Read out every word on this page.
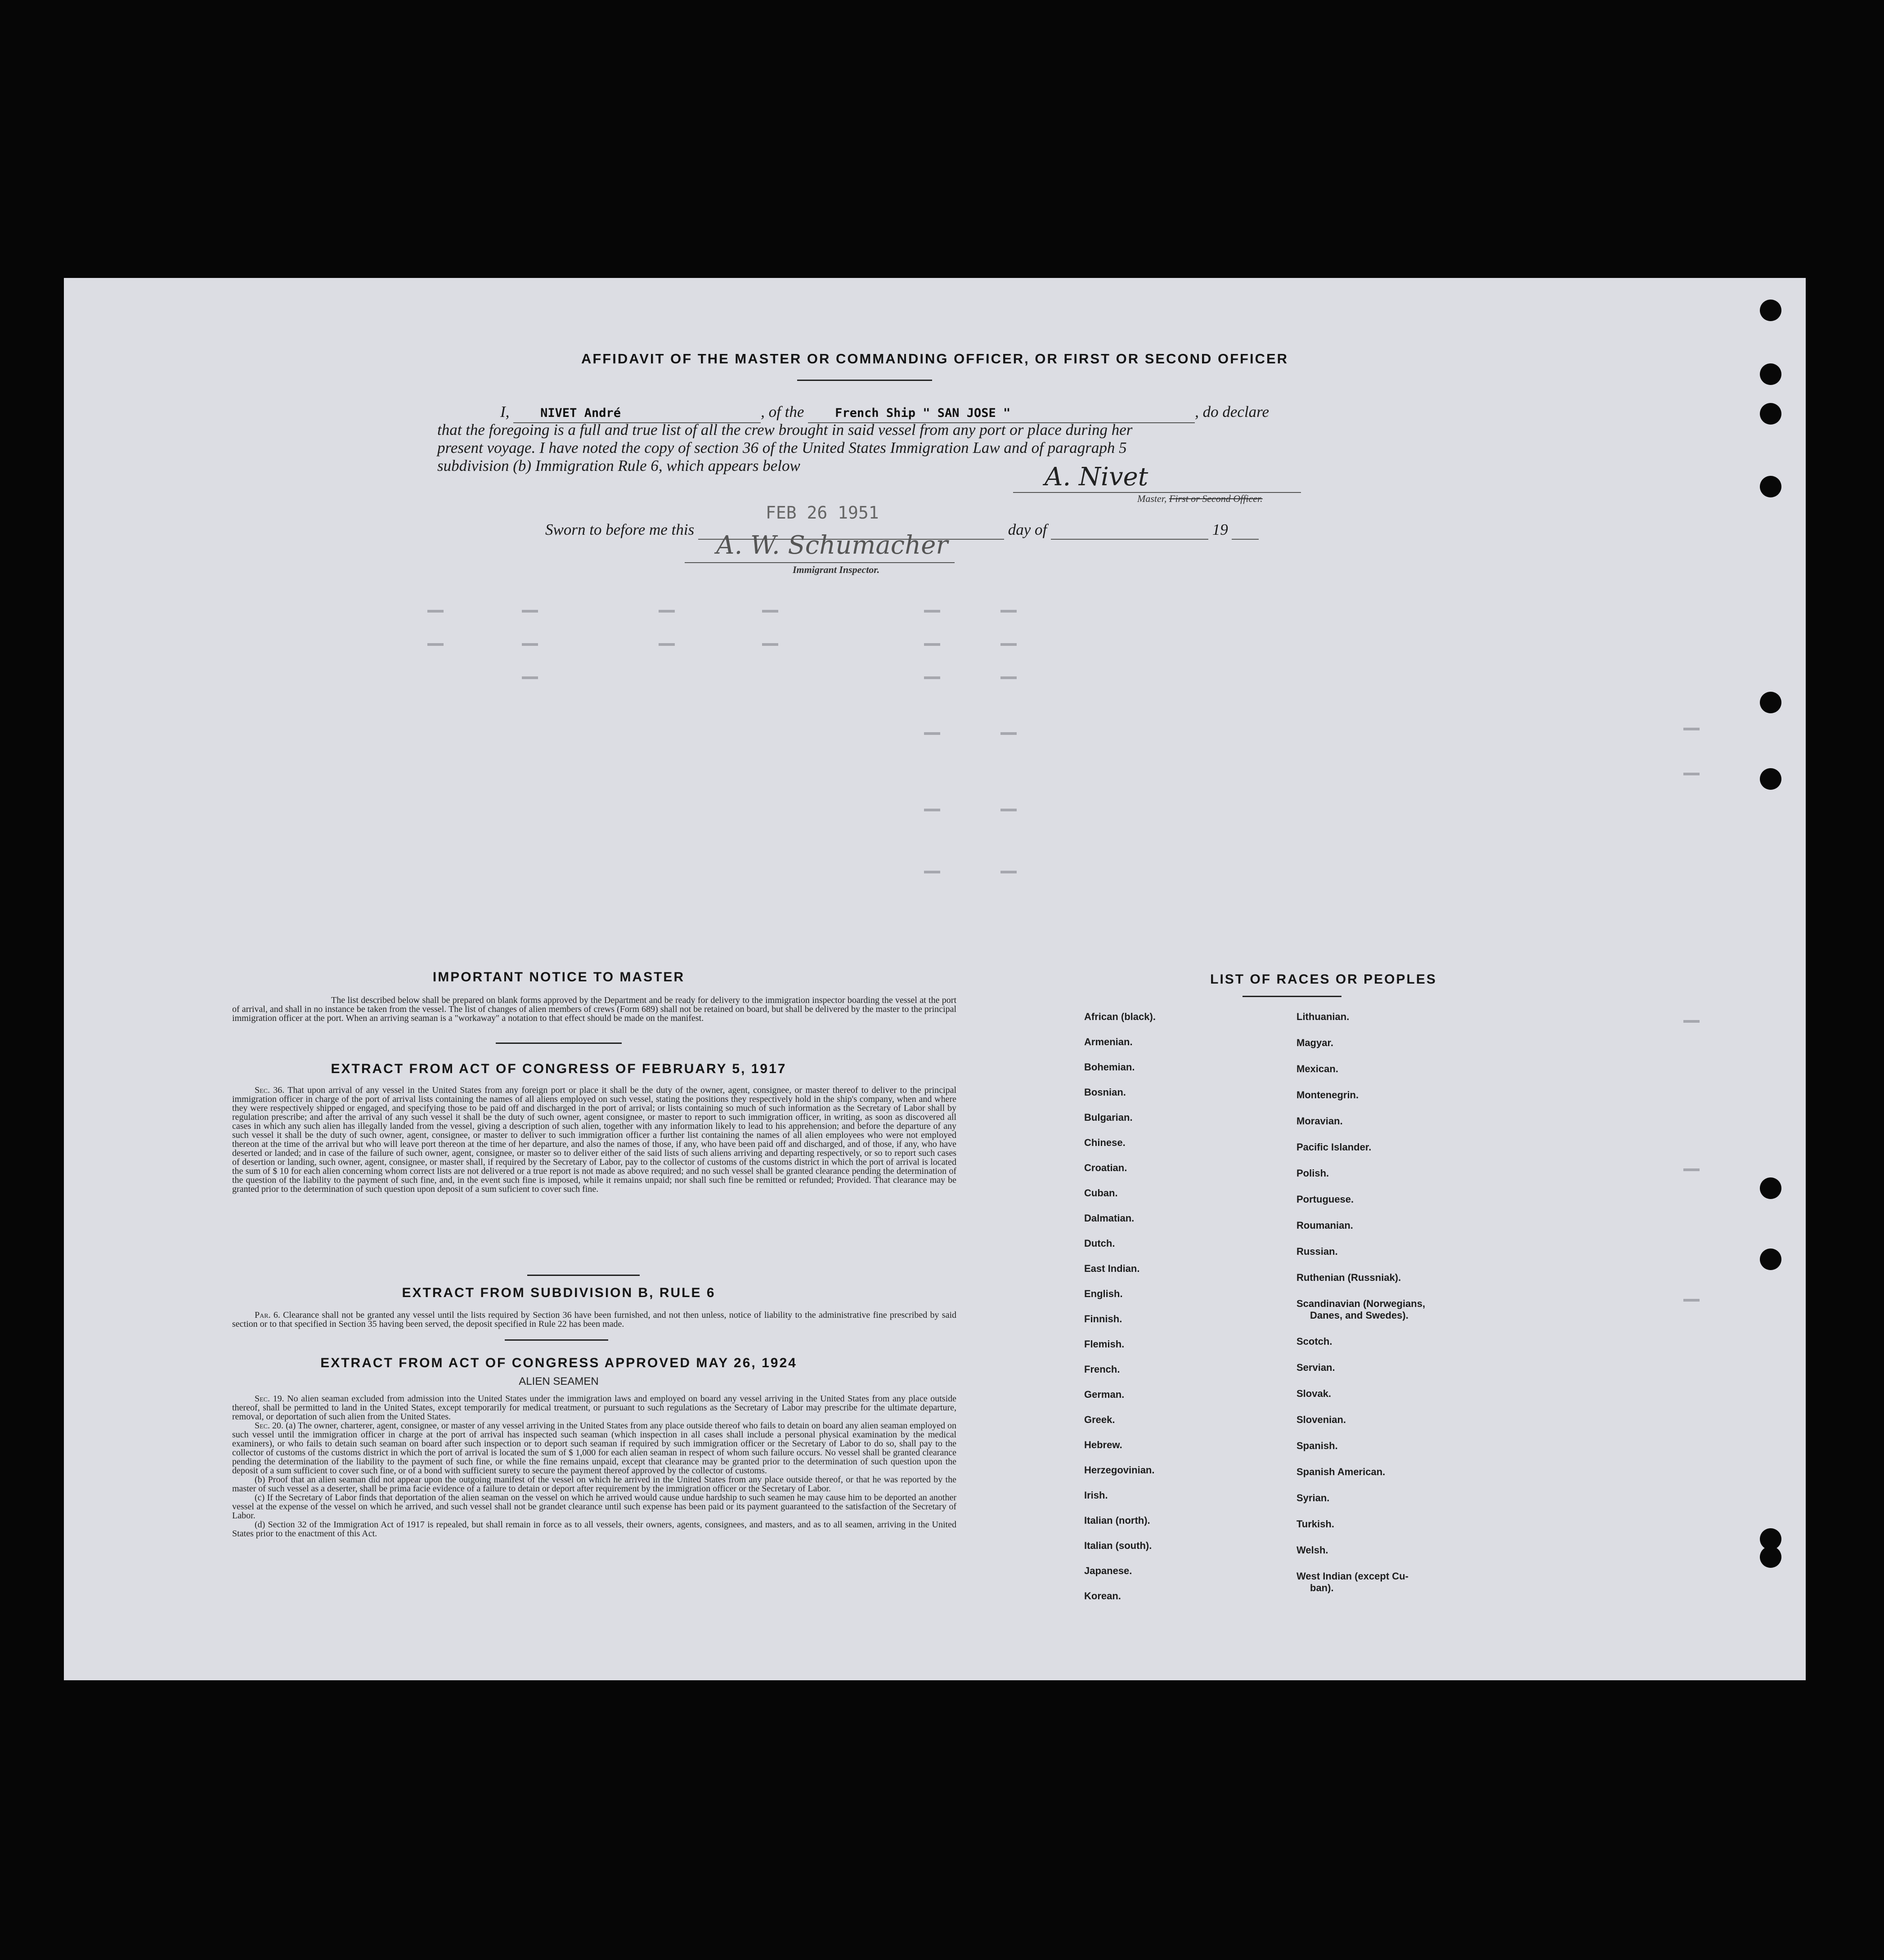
AFFIDAVIT OF THE MASTER OR COMMANDING OFFICER, OR FIRST OR SECOND OFFICER
I,	NIVET André	, of the	French Ship " SAN JOSE "	, do declare
that the foregoing is a full and true list of all the crew brought in said vessel from any port or place during her
present voyage. I have noted the copy of section 36 of the United States Immigration Law and of paragraph 5
subdivision (b) Immigration Rule 6, which appears below	A. Nivet
Master, First or Second Officer.
Sworn to before me this	day of	19
FEB 26 1951
A. W. Schumacher
Immigrant Inspector.
IMPORTANT NOTICE TO MASTER

The list described below shall be prepared on blank forms approved by the Department and be ready for delivery to the immigration inspector boarding the vessel at the port of arrival, and shall in no instance be taken from the vessel. The list of changes of alien members of crews (Form 689) shall not be retained on board, but shall be delivered by the master to the principal immigration officer at the port. When an arriving seaman is a "workaway" a notation to that effect should be made on the manifest.

EXTRACT FROM ACT OF CONGRESS OF FEBRUARY 5, 1917

Sec. 36. That upon arrival of any vessel in the United States from any foreign port or place it shall be the duty of the owner, agent, consignee, or master thereof to deliver to the principal immigration officer in charge of the port of arrival lists containing the names of all aliens employed on such vessel, stating the positions they respectively hold in the ship's company, when and where they were respectively shipped or engaged, and specifying those to be paid off and discharged in the port of arrival; or lists containing so much of such information as the Secretary of Labor shall by regulation prescribe; and after the arrival of any such vessel it shall be the duty of such owner, agent consignee, or master to report to such immigration officer, in writing, as soon as discovered all cases in which any such alien has illegally landed from the vessel, giving a description of such alien, together with any information likely to lead to his apprehension; and before the departure of any such vessel it shall be the duty of such owner, agent, consignee, or master to deliver to such immigration officer a further list containing the names of all alien employees who were not employed thereon at the time of the arrival but who will leave port thereon at the time of her departure, and also the names of those, if any, who have been paid off and discharged, and of those, if any, who have deserted or landed; and in case of the failure of such owner, agent, consignee, or master so to deliver either of the said lists of such aliens arriving and departing respectively, or so to report such cases of desertion or landing, such owner, agent, consignee, or master shall, if required by the Secretary of Labor, pay to the collector of customs of the customs district in which the port of arrival is located the sum of $ 10 for each alien concerning whom correct lists are not delivered or a true report is not made as above required; and no such vessel shall be granted clearance pending the determination of the question of the liability to the payment of such fine, and, in the event such fine is imposed, while it remains unpaid; nor shall such fine be remitted or refunded; Provided. That clearance may be granted prior to the determination of such question upon deposit of a sum suficient to cover such fine.

EXTRACT FROM SUBDIVISION B, RULE 6

Par. 6. Clearance shall not be granted any vessel until the lists required by Section 36 have been furnished, and not then unless, notice of liability to the administrative fine prescribed by said section or to that specified in Section 35 having been served, the deposit specified in Rule 22 has been made.

EXTRACT FROM ACT OF CONGRESS APPROVED MAY 26, 1924
ALIEN SEAMEN

Sec. 19. No alien seaman excluded from admission into the United States under the immigration laws and employed on board any vessel arriving in the United States from any place outside thereof, shall be permitted to land in the United States, except temporarily for medical treatment, or pursuant to such regulations as the Secretary of Labor may prescribe for the ultimate departure, removal, or deportation of such alien from the United States.

Sec. 20. (a) The owner, charterer, agent, consignee, or master of any vessel arriving in the United States from any place outside thereof who fails to detain on board any alien seaman employed on such vessel until the immigration officer in charge at the port of arrival has inspected such seaman (which inspection in all cases shall include a personal physical examination by the medical examiners), or who fails to detain such seaman on board after such inspection or to deport such seaman if required by such immigration officer or the Secretary of Labor to do so, shall pay to the collector of customs of the customs district in which the port of arrival is located the sum of $ 1,000 for each alien seaman in respect of whom such failure occurs. No vessel shall be granted clearance pending the determination of the liability to the payment of such fine, or while the fine remains unpaid, except that clearance may be granted prior to the determination of such question upon the deposit of a sum sufficient to cover such fine, or of a bond with sufficient surety to secure the payment thereof approved by the collector of customs.

(b) Proof that an alien seaman did not appear upon the outgoing manifest of the vessel on which he arrived in the United States from any place outside thereof, or that he was reported by the master of such vessel as a deserter, shall be prima facie evidence of a failure to detain or deport after requirement by the immigration officer or the Secretary of Labor.

(c) If the Secretary of Labor finds that deportation of the alien seaman on the vessel on which he arrived would cause undue hardship to such seamen he may cause him to be deported an another vessel at the expense of the vessel on which he arrived, and such vessel shall not be grandet clearance until such expense has been paid or its payment guaranteed to the satisfaction of the Secretary of Labor.

(d) Section 32 of the Immigration Act of 1917 is repealed, but shall remain in force as to all vessels, their owners, agents, consignees, and masters, and as to all seamen, arriving in the United States prior to the enactment of this Act.

LIST OF RACES OR PEOPLES
African (black).
Armenian.
Bohemian.
Bosnian.
Bulgarian.
Chinese.
Croatian.
Cuban.
Dalmatian.
Dutch.
East Indian.
English.
Finnish.
Flemish.
French.
German.
Greek.
Hebrew.
Herzegovinian.
Irish.
Italian (north).
Italian (south).
Japanese.
Korean.
Lithuanian.
Magyar.
Mexican.
Montenegrin.
Moravian.
Pacific Islander.
Polish.
Portuguese.
Roumanian.
Russian.
Ruthenian (Russniak).
Scandinavian (Norwegians,
Danes, and Swedes).
Scotch.
Servian.
Slovak.
Slovenian.
Spanish.
Spanish American.
Syrian.
Turkish.
Welsh.
West Indian (except Cu-
ban).
